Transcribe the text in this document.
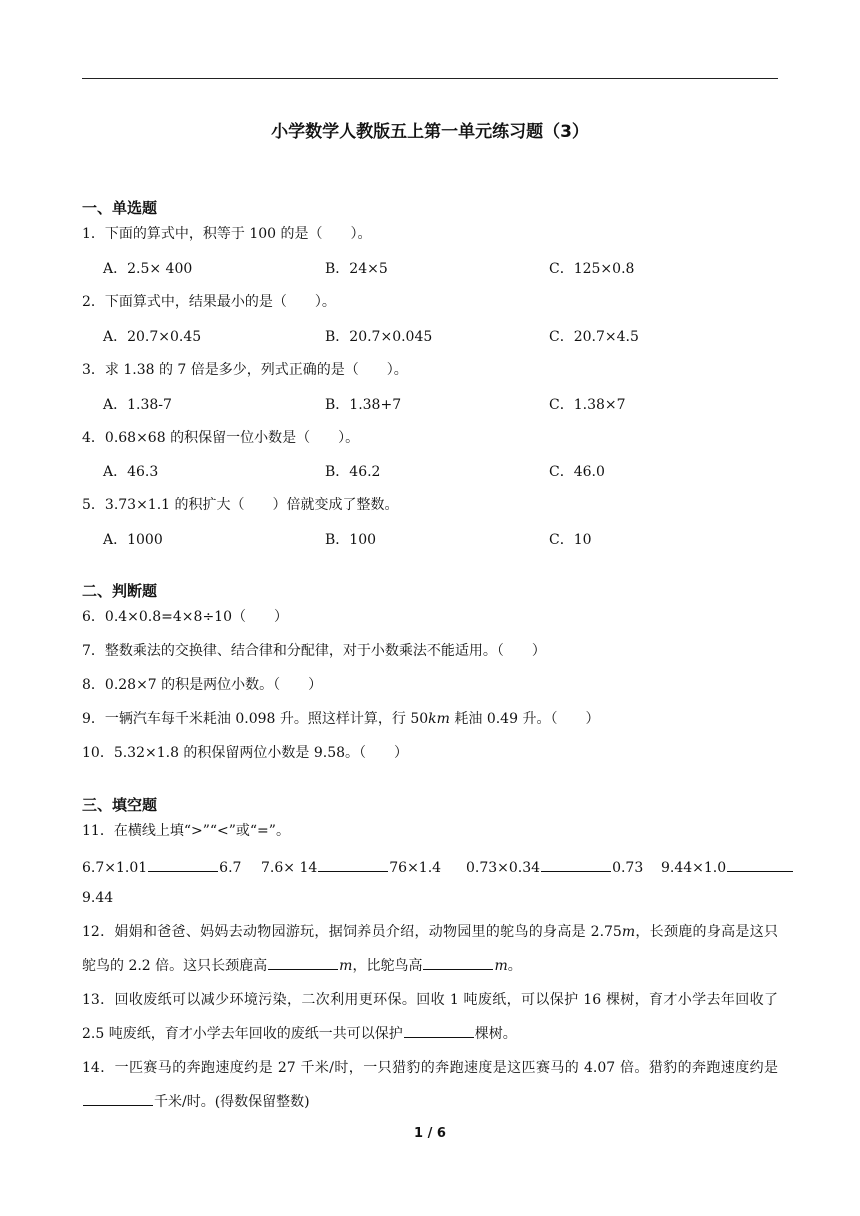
小学数学人教版五上第一单元练习题（3）
一、单选题
1．下面的算式中，积等于 100 的是（　　）。
A．2.5× 400	B．24×5	C．125×0.8
2．下面算式中，结果最小的是（　　）。
A．20.7×0.45	B．20.7×0.045	C．20.7×4.5
3．求 1.38 的 7 倍是多少，列式正确的是（　　）。
A．1.38-7	B．1.38+7	C．1.38×7
4．0.68×68 的积保留一位小数是（　　）。
A．46.3	B．46.2	C．46.0
5．3.73×1.1 的积扩大（　　）倍就变成了整数。
A．1000	B．100	C．10
二、判断题
6．0.4×0.8=4×8÷10（　　）
7．整数乘法的交换律、结合律和分配律，对于小数乘法不能适用。（　　）
8．0.28×7 的积是两位小数。（　　）
9．一辆汽车每千米耗油 0.098 升。照这样计算，行 50km 耗油 0.49 升。（　　）
10．5.32×1.8 的积保留两位小数是 9.58。（　　）
三、填空题
11．在横线上填“>”“<”或“=”。
6.7×1.01	6.7 7.6× 14	76×1.4 0.73×0.34	0.73 9.44×1.0
9.44
12．娟娟和爸爸、妈妈去动物园游玩，据饲养员介绍，动物园里的鸵鸟的身高是 2.75m，长颈鹿的身高是这只鸵鸟的 2.2 倍。这只长颈鹿高	m，比鸵鸟高	m。
13．回收废纸可以减少环境污染，二次利用更环保。回收 1 吨废纸，可以保护 16 棵树，育才小学去年回收了 2.5 吨废纸，育才小学去年回收的废纸一共可以保护	棵树。
14．一匹赛马的奔跑速度约是 27 千米/时，一只猎豹的奔跑速度是这匹赛马的 4.07 倍。猎豹的奔跑速度约是千米/时。(得数保留整数)
1 / 6
